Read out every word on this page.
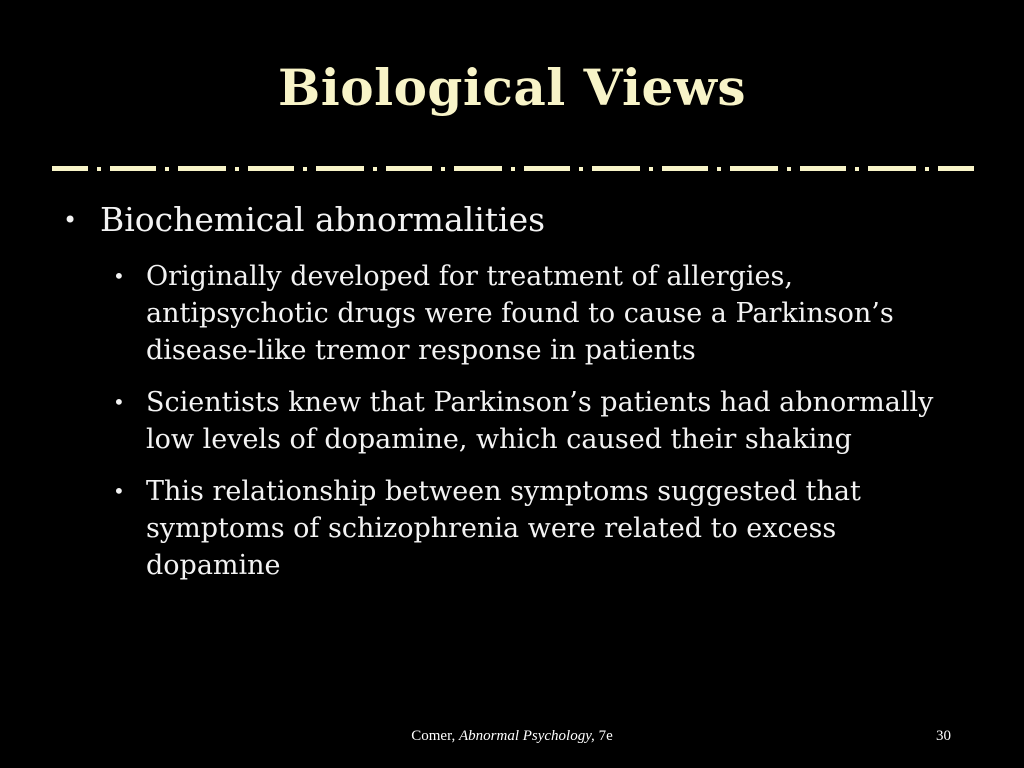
Biological Views
• Biochemical abnormalities
• Originally developed for treatment of allergies, antipsychotic drugs were found to cause a Parkinson’s disease-like tremor response in patients
• Scientists knew that Parkinson’s patients had abnormally low levels of dopamine, which caused their shaking
• This relationship between symptoms suggested that symptoms of schizophrenia were related to excess dopamine
Comer, Abnormal Psychology, 7e	30
